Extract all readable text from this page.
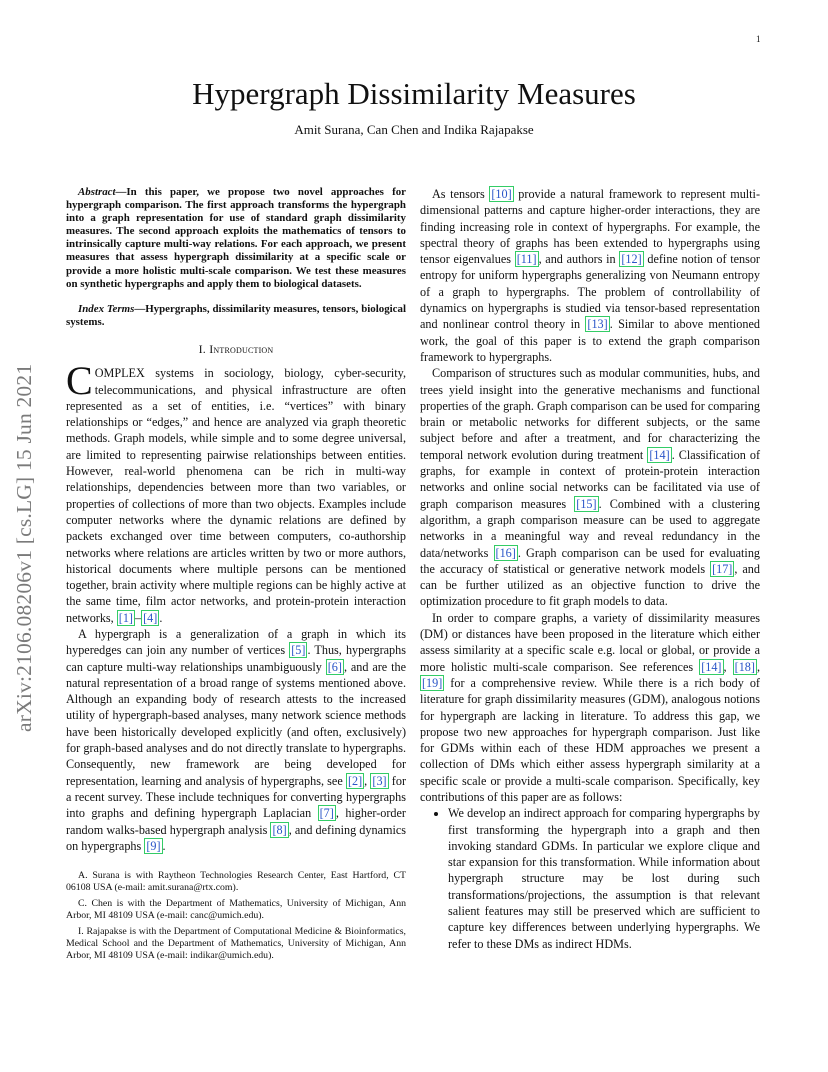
1
arXiv:2106.08206v1 [cs.LG] 15 Jun 2021
Hypergraph Dissimilarity Measures
Amit Surana, Can Chen and Indika Rajapakse

Abstract—In this paper, we propose two novel approaches for hypergraph comparison. The first approach transforms the hypergraph into a graph representation for use of standard graph dissimilarity measures. The second approach exploits the mathematics of tensors to intrinsically capture multi-way relations. For each approach, we present measures that assess hypergraph dissimilarity at a specific scale or provide a more holistic multi-scale comparison. We test these measures on synthetic hypergraphs and apply them to biological datasets.

Index Terms—Hypergraphs, dissimilarity measures, tensors, biological systems.

I. Introduction

COMPLEX systems in sociology, biology, cyber-security, telecommunications, and physical infrastructure are often represented as a set of entities, i.e. “vertices” with binary relationships or “edges,” and hence are analyzed via graph theoretic methods. Graph models, while simple and to some degree universal, are limited to representing pairwise relationships between entities. However, real-world phenomena can be rich in multi-way relationships, dependencies between more than two variables, or properties of collections of more than two objects. Examples include computer networks where the dynamic relations are defined by packets exchanged over time between computers, co-authorship networks where relations are articles written by two or more authors, historical documents where multiple persons can be mentioned together, brain activity where multiple regions can be highly active at the same time, film actor networks, and protein-protein interaction networks, [1] – [4] .

A hypergraph is a generalization of a graph in which its hyperedges can join any number of vertices [5] . Thus, hypergraphs can capture multi-way relationships unambiguously [6] , and are the natural representation of a broad range of systems mentioned above. Although an expanding body of research attests to the increased utility of hypergraph-based analyses, many network science methods have been historically developed explicitly (and often, exclusively) for graph-based analyses and do not directly translate to hypergraphs. Consequently, new framework are being developed for representation, learning and analysis of hypergraphs, see [2] , [3] for a recent survey. These include techniques for converting hypergraphs into graphs and defining hypergraph Laplacian [7] , higher-order random walks-based hypergraph analysis [8] , and defining dynamics on hypergraphs [9] .

A. Surana is with Raytheon Technologies Research Center, East Hartford, CT 06108 USA (e-mail: amit.surana@rtx.com).

C. Chen is with the Department of Mathematics, University of Michigan, Ann Arbor, MI 48109 USA (e-mail: canc@umich.edu).

I. Rajapakse is with the Department of Computational Medicine & Bioinformatics, Medical School and the Department of Mathematics, University of Michigan, Ann Arbor, MI 48109 USA (e-mail: indikar@umich.edu).

As tensors [10] provide a natural framework to represent multi-dimensional patterns and capture higher-order interactions, they are finding increasing role in context of hypergraphs. For example, the spectral theory of graphs has been extended to hypergraphs using tensor eigenvalues [11] , and authors in [12] define notion of tensor entropy for uniform hypergraphs generalizing von Neumann entropy of a graph to hypergraphs. The problem of controllability of dynamics on hypergraphs is studied via tensor-based representation and nonlinear control theory in [13] . Similar to above mentioned work, the goal of this paper is to extend the graph comparison framework to hypergraphs.

Comparison of structures such as modular communities, hubs, and trees yield insight into the generative mechanisms and functional properties of the graph. Graph comparison can be used for comparing brain or metabolic networks for different subjects, or the same subject before and after a treatment, and for characterizing the temporal network evolution during treatment [14] . Classification of graphs, for example in context of protein-protein interaction networks and online social networks can be facilitated via use of graph comparison measures [15] . Combined with a clustering algorithm, a graph comparison measure can be used to aggregate networks in a meaningful way and reveal redundancy in the data/networks [16] . Graph comparison can be used for evaluating the accuracy of statistical or generative network models [17] , and can be further utilized as an objective function to drive the optimization procedure to fit graph models to data.

In order to compare graphs, a variety of dissimilarity measures (DM) or distances have been proposed in the literature which either assess similarity at a specific scale e.g. local or global, or provide a more holistic multi-scale comparison. See references [14] , [18] , [19] for a comprehensive review. While there is a rich body of literature for graph dissimilarity measures (GDM), analogous notions for hypergraph are lacking in literature. To address this gap, we propose two new approaches for hypergraph comparison. Just like for GDMs within each of these HDM approaches we present a collection of DMs which either assess hypergraph similarity at a specific scale or provide a multi-scale comparison. Specifically, key contributions of this paper are as follows:

• We develop an indirect approach for comparing hypergraphs by first transforming the hypergraph into a graph and then invoking standard GDMs. In particular we explore clique and star expansion for this transformation. While information about hypergraph structure may be lost during such transformations/projections, the assumption is that relevant salient features may still be preserved which are sufficient to capture key differences between underlying hypergraphs. We refer to these DMs as indirect HDMs.
